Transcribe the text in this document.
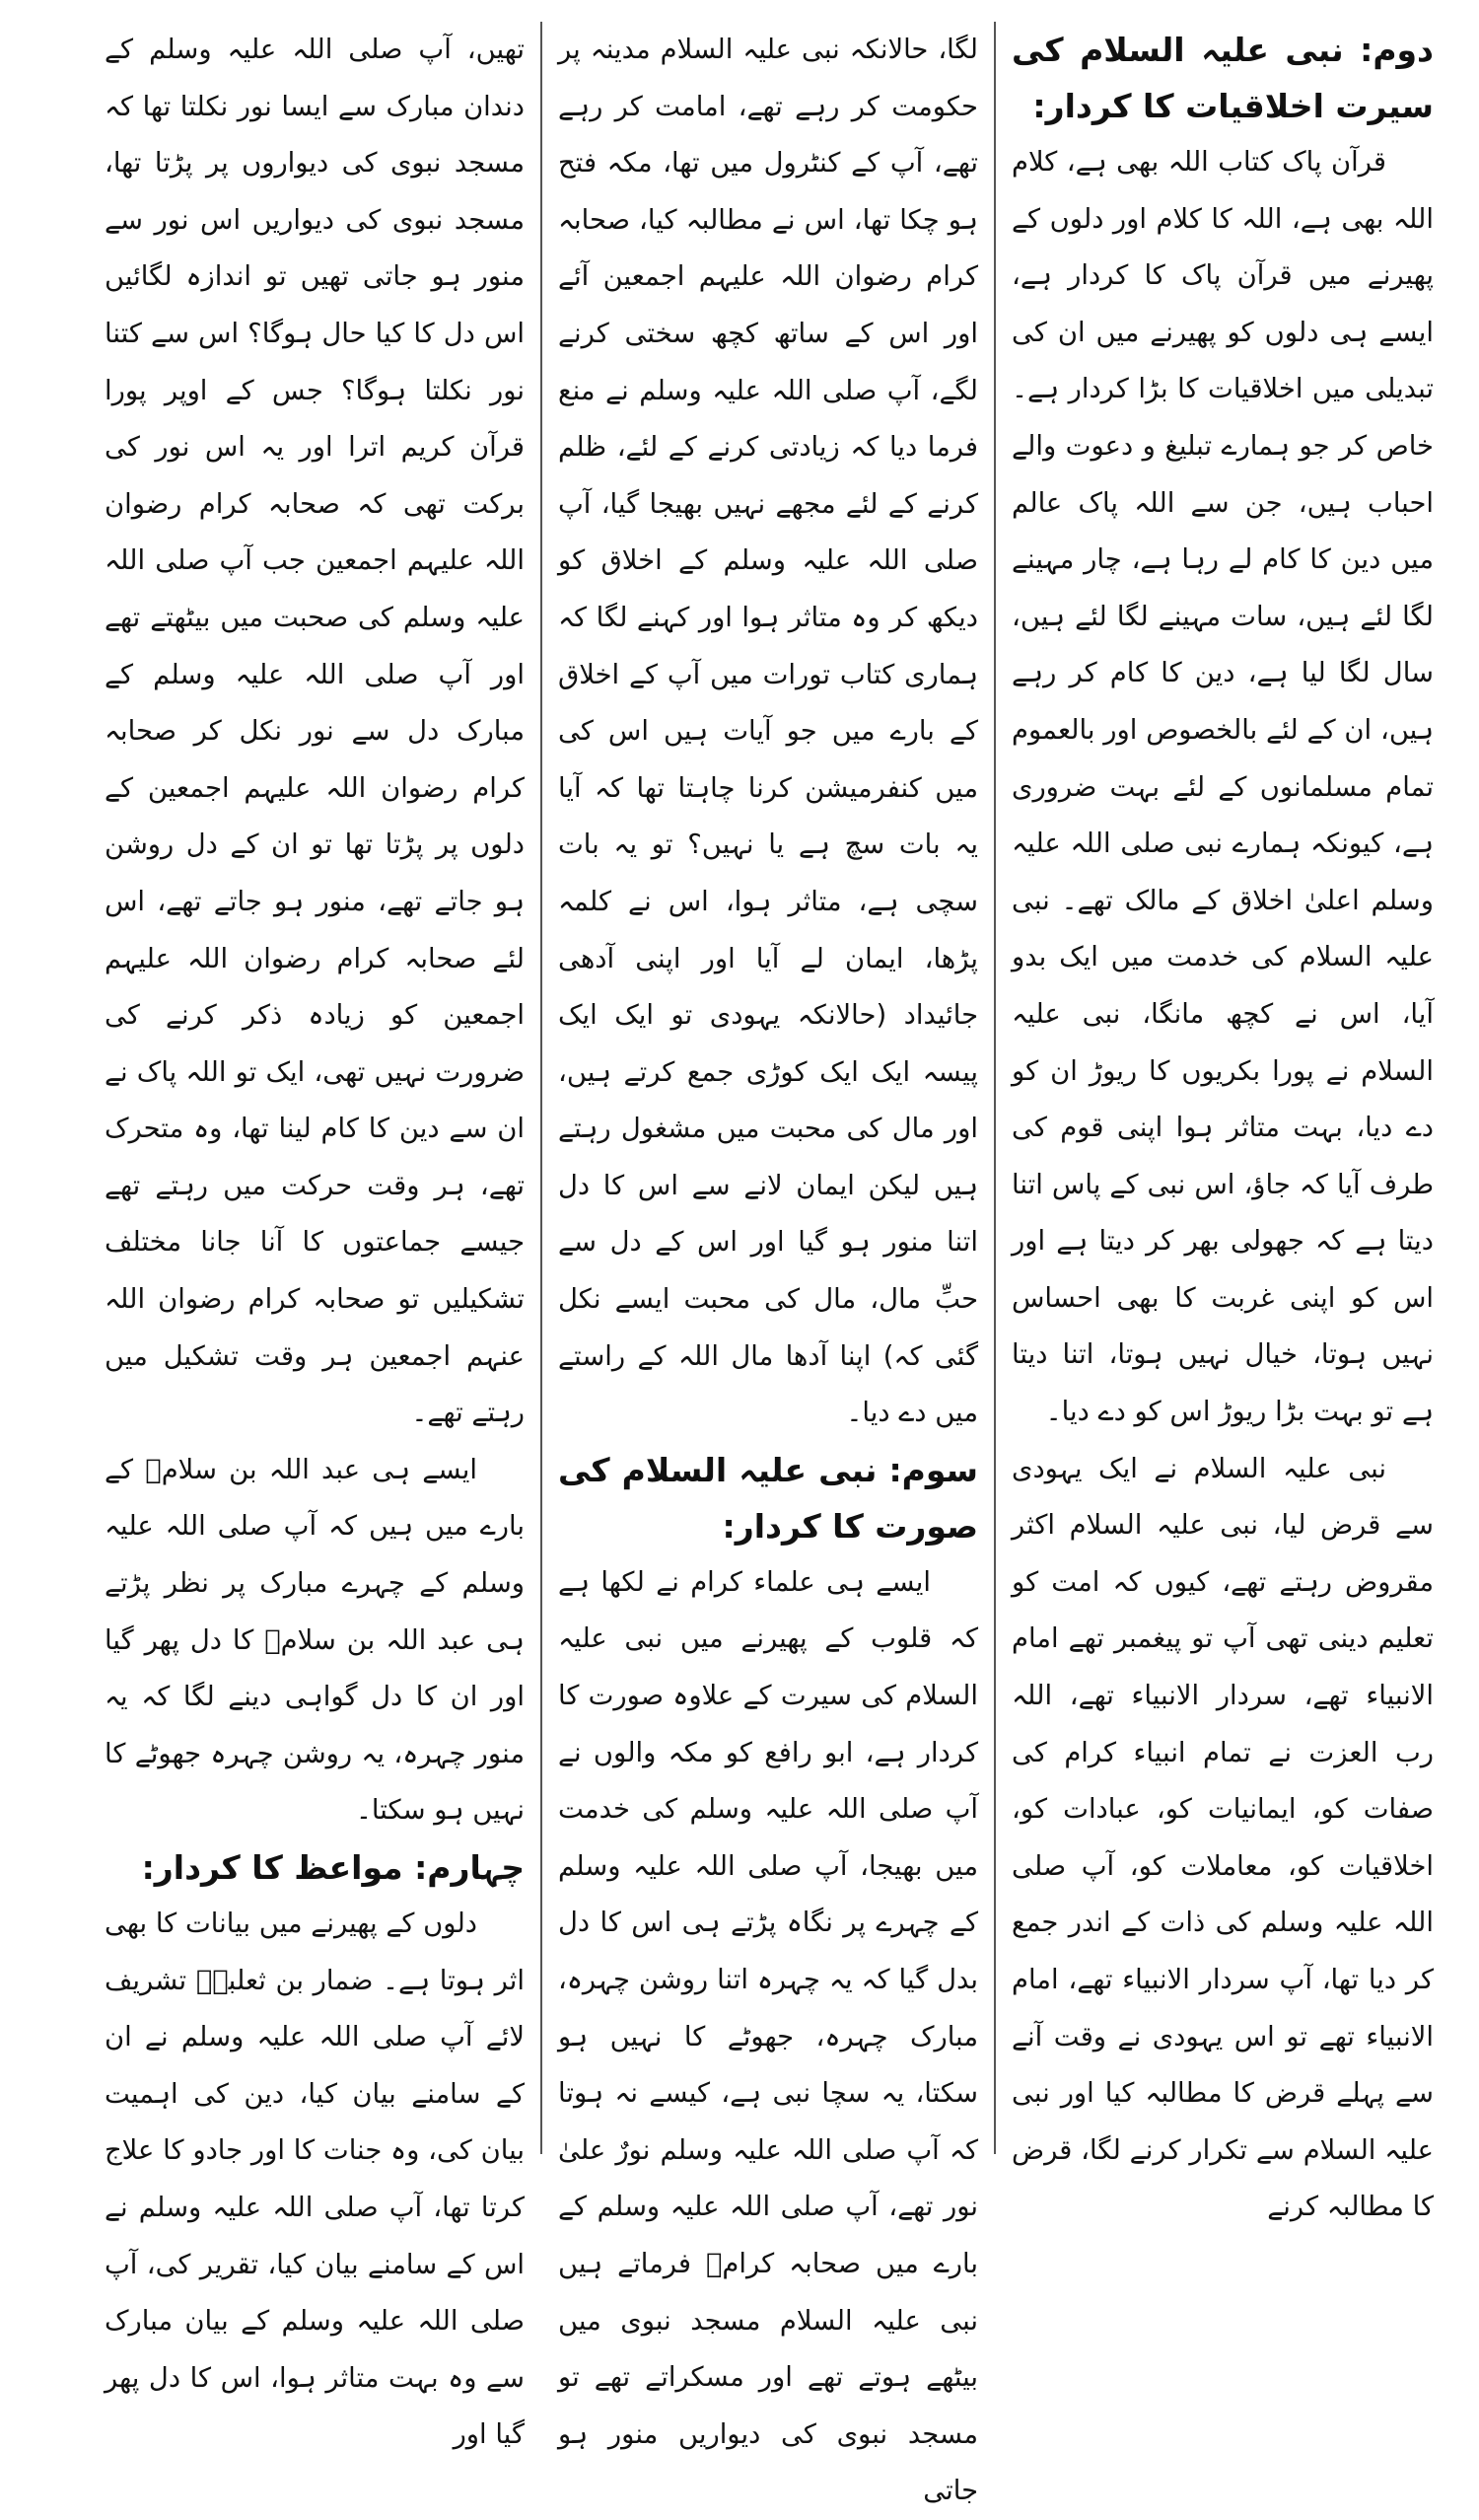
دوم: نبی علیہ السلام کی سیرت اخلاقیات کا کردار:

قرآن پاک کتاب اللہ بھی ہے، کلام اللہ بھی ہے، اللہ کا کلام اور دلوں کے پھیرنے میں قرآن پاک کا کردار ہے، ایسے ہی دلوں کو پھیرنے میں ان کی تبدیلی میں اخلاقیات کا بڑا کردار ہے۔ خاص کر جو ہمارے تبلیغ و دعوت والے احباب ہیں، جن سے اللہ پاک عالم میں دین کا کام لے رہا ہے، چار مہینے لگا لئے ہیں، سات مہینے لگا لئے ہیں، سال لگا لیا ہے، دین کا کام کر رہے ہیں، ان کے لئے بالخصوص اور بالعموم تمام مسلمانوں کے لئے بہت ضروری ہے، کیونکہ ہمارے نبی صلی اللہ علیہ وسلم اعلیٰ اخلاق کے مالک تھے۔ نبی علیہ السلام کی خدمت میں ایک بدو آیا، اس نے کچھ مانگا، نبی علیہ السلام نے پورا بکریوں کا ریوڑ ان کو دے دیا، بہت متاثر ہوا اپنی قوم کی طرف آیا کہ جاؤ، اس نبی کے پاس اتنا دیتا ہے کہ جھولی بھر کر دیتا ہے اور اس کو اپنی غربت کا بھی احساس نہیں ہوتا، خیال نہیں ہوتا، اتنا دیتا ہے تو بہت بڑا ریوڑ اس کو دے دیا۔

نبی علیہ السلام نے ایک یہودی سے قرض لیا، نبی علیہ السلام اکثر مقروض رہتے تھے، کیوں کہ امت کو تعلیم دینی تھی آپ تو پیغمبر تھے امام الانبیاء تھے، سردار الانبیاء تھے، اللہ رب العزت نے تمام انبیاء کرام کی صفات کو، ایمانیات کو، عبادات کو، اخلاقیات کو، معاملات کو، آپ صلی اللہ علیہ وسلم کی ذات کے اندر جمع کر دیا تھا، آپ سردار الانبیاء تھے، امام الانبیاء تھے تو اس یہودی نے وقت آنے سے پہلے قرض کا مطالبہ کیا اور نبی علیہ السلام سے تکرار کرنے لگا، قرض کا مطالبہ کرنے

لگا، حالانکہ نبی علیہ السلام مدینہ پر حکومت کر رہے تھے، امامت کر رہے تھے، آپ کے کنٹرول میں تھا، مکہ فتح ہو چکا تھا، اس نے مطالبہ کیا، صحابہ کرام رضوان اللہ علیہم اجمعین آئے اور اس کے ساتھ کچھ سختی کرنے لگے، آپ صلی اللہ علیہ وسلم نے منع فرما دیا کہ زیادتی کرنے کے لئے، ظلم کرنے کے لئے مجھے نہیں بھیجا گیا، آپ صلی اللہ علیہ وسلم کے اخلاق کو دیکھ کر وہ متاثر ہوا اور کہنے لگا کہ ہماری کتاب تورات میں آپ کے اخلاق کے بارے میں جو آیات ہیں اس کی میں کنفرمیشن کرنا چاہتا تھا کہ آیا یہ بات سچ ہے یا نہیں؟ تو یہ بات سچی ہے، متاثر ہوا، اس نے کلمہ پڑھا، ایمان لے آیا اور اپنی آدھی جائیداد (حالانکہ یہودی تو ایک ایک پیسہ ایک ایک کوڑی جمع کرتے ہیں، اور مال کی محبت میں مشغول رہتے ہیں لیکن ایمان لانے سے اس کا دل اتنا منور ہو گیا اور اس کے دل سے حبِّ مال، مال کی محبت ایسے نکل گئی کہ) اپنا آدھا مال اللہ کے راستے میں دے دیا۔

سوم: نبی علیہ السلام کی صورت کا کردار:

ایسے ہی علماء کرام نے لکھا ہے کہ قلوب کے پھیرنے میں نبی علیہ السلام کی سیرت کے علاوہ صورت کا کردار ہے، ابو رافع کو مکہ والوں نے آپ صلی اللہ علیہ وسلم کی خدمت میں بھیجا، آپ صلی اللہ علیہ وسلم کے چہرے پر نگاہ پڑتے ہی اس کا دل بدل گیا کہ یہ چہرہ اتنا روشن چہرہ، مبارک چہرہ، جھوٹے کا نہیں ہو سکتا، یہ سچا نبی ہے، کیسے نہ ہوتا کہ آپ صلی اللہ علیہ وسلم نورٌ علیٰ نور تھے، آپ صلی اللہ علیہ وسلم کے بارے میں صحابہ کرامؓ فرماتے ہیں نبی علیہ السلام مسجد نبوی میں بیٹھے ہوتے تھے اور مسکراتے تھے تو مسجد نبوی کی دیواریں منور ہو جاتی

تھیں، آپ صلی اللہ علیہ وسلم کے دندان مبارک سے ایسا نور نکلتا تھا کہ مسجد نبوی کی دیواروں پر پڑتا تھا، مسجد نبوی کی دیواریں اس نور سے منور ہو جاتی تھیں تو اندازہ لگائیں اس دل کا کیا حال ہوگا؟ اس سے کتنا نور نکلتا ہوگا؟ جس کے اوپر پورا قرآن کریم اترا اور یہ اس نور کی برکت تھی کہ صحابہ کرام رضوان اللہ علیہم اجمعین جب آپ صلی اللہ علیہ وسلم کی صحبت میں بیٹھتے تھے اور آپ صلی اللہ علیہ وسلم کے مبارک دل سے نور نکل کر صحابہ کرام رضوان اللہ علیہم اجمعین کے دلوں پر پڑتا تھا تو ان کے دل روشن ہو جاتے تھے، منور ہو جاتے تھے، اس لئے صحابہ کرام رضوان اللہ علیہم اجمعین کو زیادہ ذکر کرنے کی ضرورت نہیں تھی، ایک تو اللہ پاک نے ان سے دین کا کام لینا تھا، وہ متحرک تھے، ہر وقت حرکت میں رہتے تھے جیسے جماعتوں کا آنا جانا مختلف تشکیلیں تو صحابہ کرام رضوان اللہ عنہم اجمعین ہر وقت تشکیل میں رہتے تھے۔

ایسے ہی عبد اللہ بن سلامؓ کے بارے میں ہیں کہ آپ صلی اللہ علیہ وسلم کے چہرے مبارک پر نظر پڑتے ہی عبد اللہ بن سلامؓ کا دل پھر گیا اور ان کا دل گواہی دینے لگا کہ یہ منور چہرہ، یہ روشن چہرہ جھوٹے کا نہیں ہو سکتا۔

چہارم: مواعظ کا کردار:

دلوں کے پھیرنے میں بیانات کا بھی اثر ہوتا ہے۔ ضمار بن ثعلبہؓ تشریف لائے آپ صلی اللہ علیہ وسلم نے ان کے سامنے بیان کیا، دین کی اہمیت بیان کی، وہ جنات کا اور جادو کا علاج کرتا تھا، آپ صلی اللہ علیہ وسلم نے اس کے سامنے بیان کیا، تقریر کی، آپ صلی اللہ علیہ وسلم کے بیان مبارک سے وہ بہت متاثر ہوا، اس کا دل پھر گیا اور
